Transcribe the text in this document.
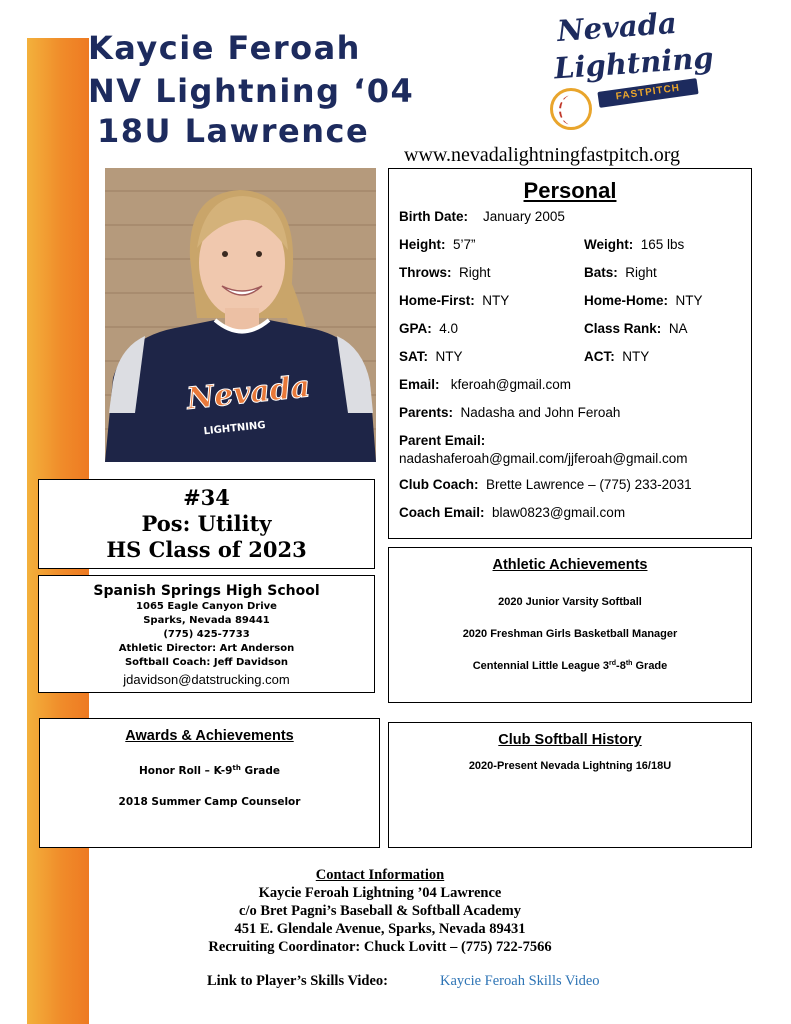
Kaycie Feroah
NV Lightning ‘04
18U Lawrence
Nevada
Lightning
FASTPITCH
www.nevadalightningfastpitch.org
Nevada
LIGHTNING
#34
Pos: Utility
HS Class of 2023
Spanish Springs High School
1065 Eagle Canyon Drive
Sparks, Nevada 89441
(775) 425-7733
Athletic Director: Art Anderson
Softball Coach: Jeff Davidson
jdavidson@datstrucking.com
Awards & Achievements
Honor Roll – K-9th Grade
2018 Summer Camp Counselor
Personal
Birth Date: January 2005
Height: 5’7”	Weight: 165 lbs
Throws: Right	Bats: Right
Home-First: NTY	Home-Home: NTY
GPA: 4.0	Class Rank: NA
SAT: NTY	ACT: NTY
Email: kferoah@gmail.com
Parents: Nadasha and John Feroah
Parent Email:
nadashaferoah@gmail.com/jjferoah@gmail.com
Club Coach: Brette Lawrence – (775) 233-2031
Coach Email: blaw0823@gmail.com
Athletic Achievements
2020 Junior Varsity Softball
2020 Freshman Girls Basketball Manager
Centennial Little League 3rd-8th Grade
Club Softball History
2020-Present Nevada Lightning 16/18U
Contact Information
Kaycie Feroah Lightning ’04 Lawrence
c/o Bret Pagni’s Baseball & Softball Academy
451 E. Glendale Avenue, Sparks, Nevada 89431
Recruiting Coordinator: Chuck Lovitt – (775) 722-7566
Link to Player’s Skills Video:	Kaycie Feroah Skills Video
